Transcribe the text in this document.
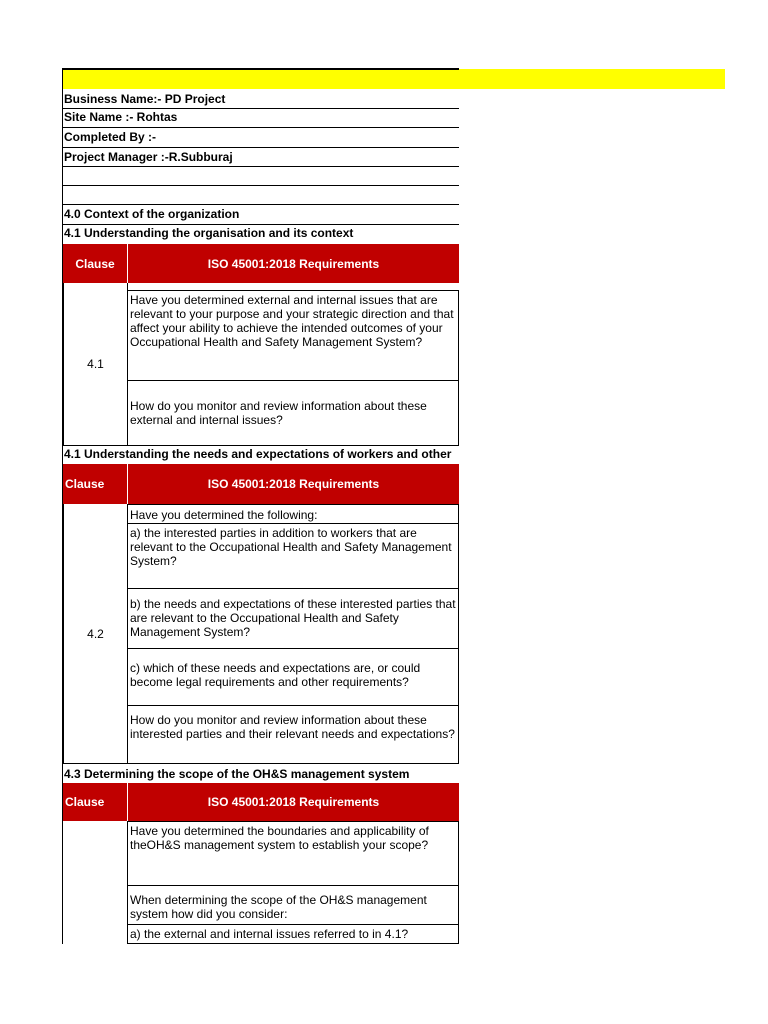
Business Name:- PD Project
Site Name :- Rohtas
Completed By :-
Project Manager :-R.Subburaj
4.0 Context of the organization
4.1 Understanding the organisation and its context
Clause	ISO 45001:2018 Requirements
4.1
Have you determined external and internal issues that are relevant to your purpose and your strategic direction and that affect your ability to achieve the intended outcomes of your Occupational Health and Safety Management System?
How do you monitor and review information about these external and internal issues?
4.1 Understanding the needs and expectations of workers and other
Clause	ISO 45001:2018 Requirements
4.2
Have you determined the following:
a) the interested parties in addition to workers that are relevant to the Occupational Health and Safety Management System?
b) the needs and expectations of these interested parties that are relevant to the Occupational Health and Safety Management System?
c) which of these needs and expectations are, or could become legal requirements and other requirements?
How do you monitor and review information about these interested parties and their relevant needs and expectations?
4.3 Determining the scope of the OH&S management system
Clause	ISO 45001:2018 Requirements
Have you determined the boundaries and applicability of theOH&S management system to establish your scope?
When determining the scope of the OH&S management system how did you consider:
a) the external and internal issues referred to in 4.1?
